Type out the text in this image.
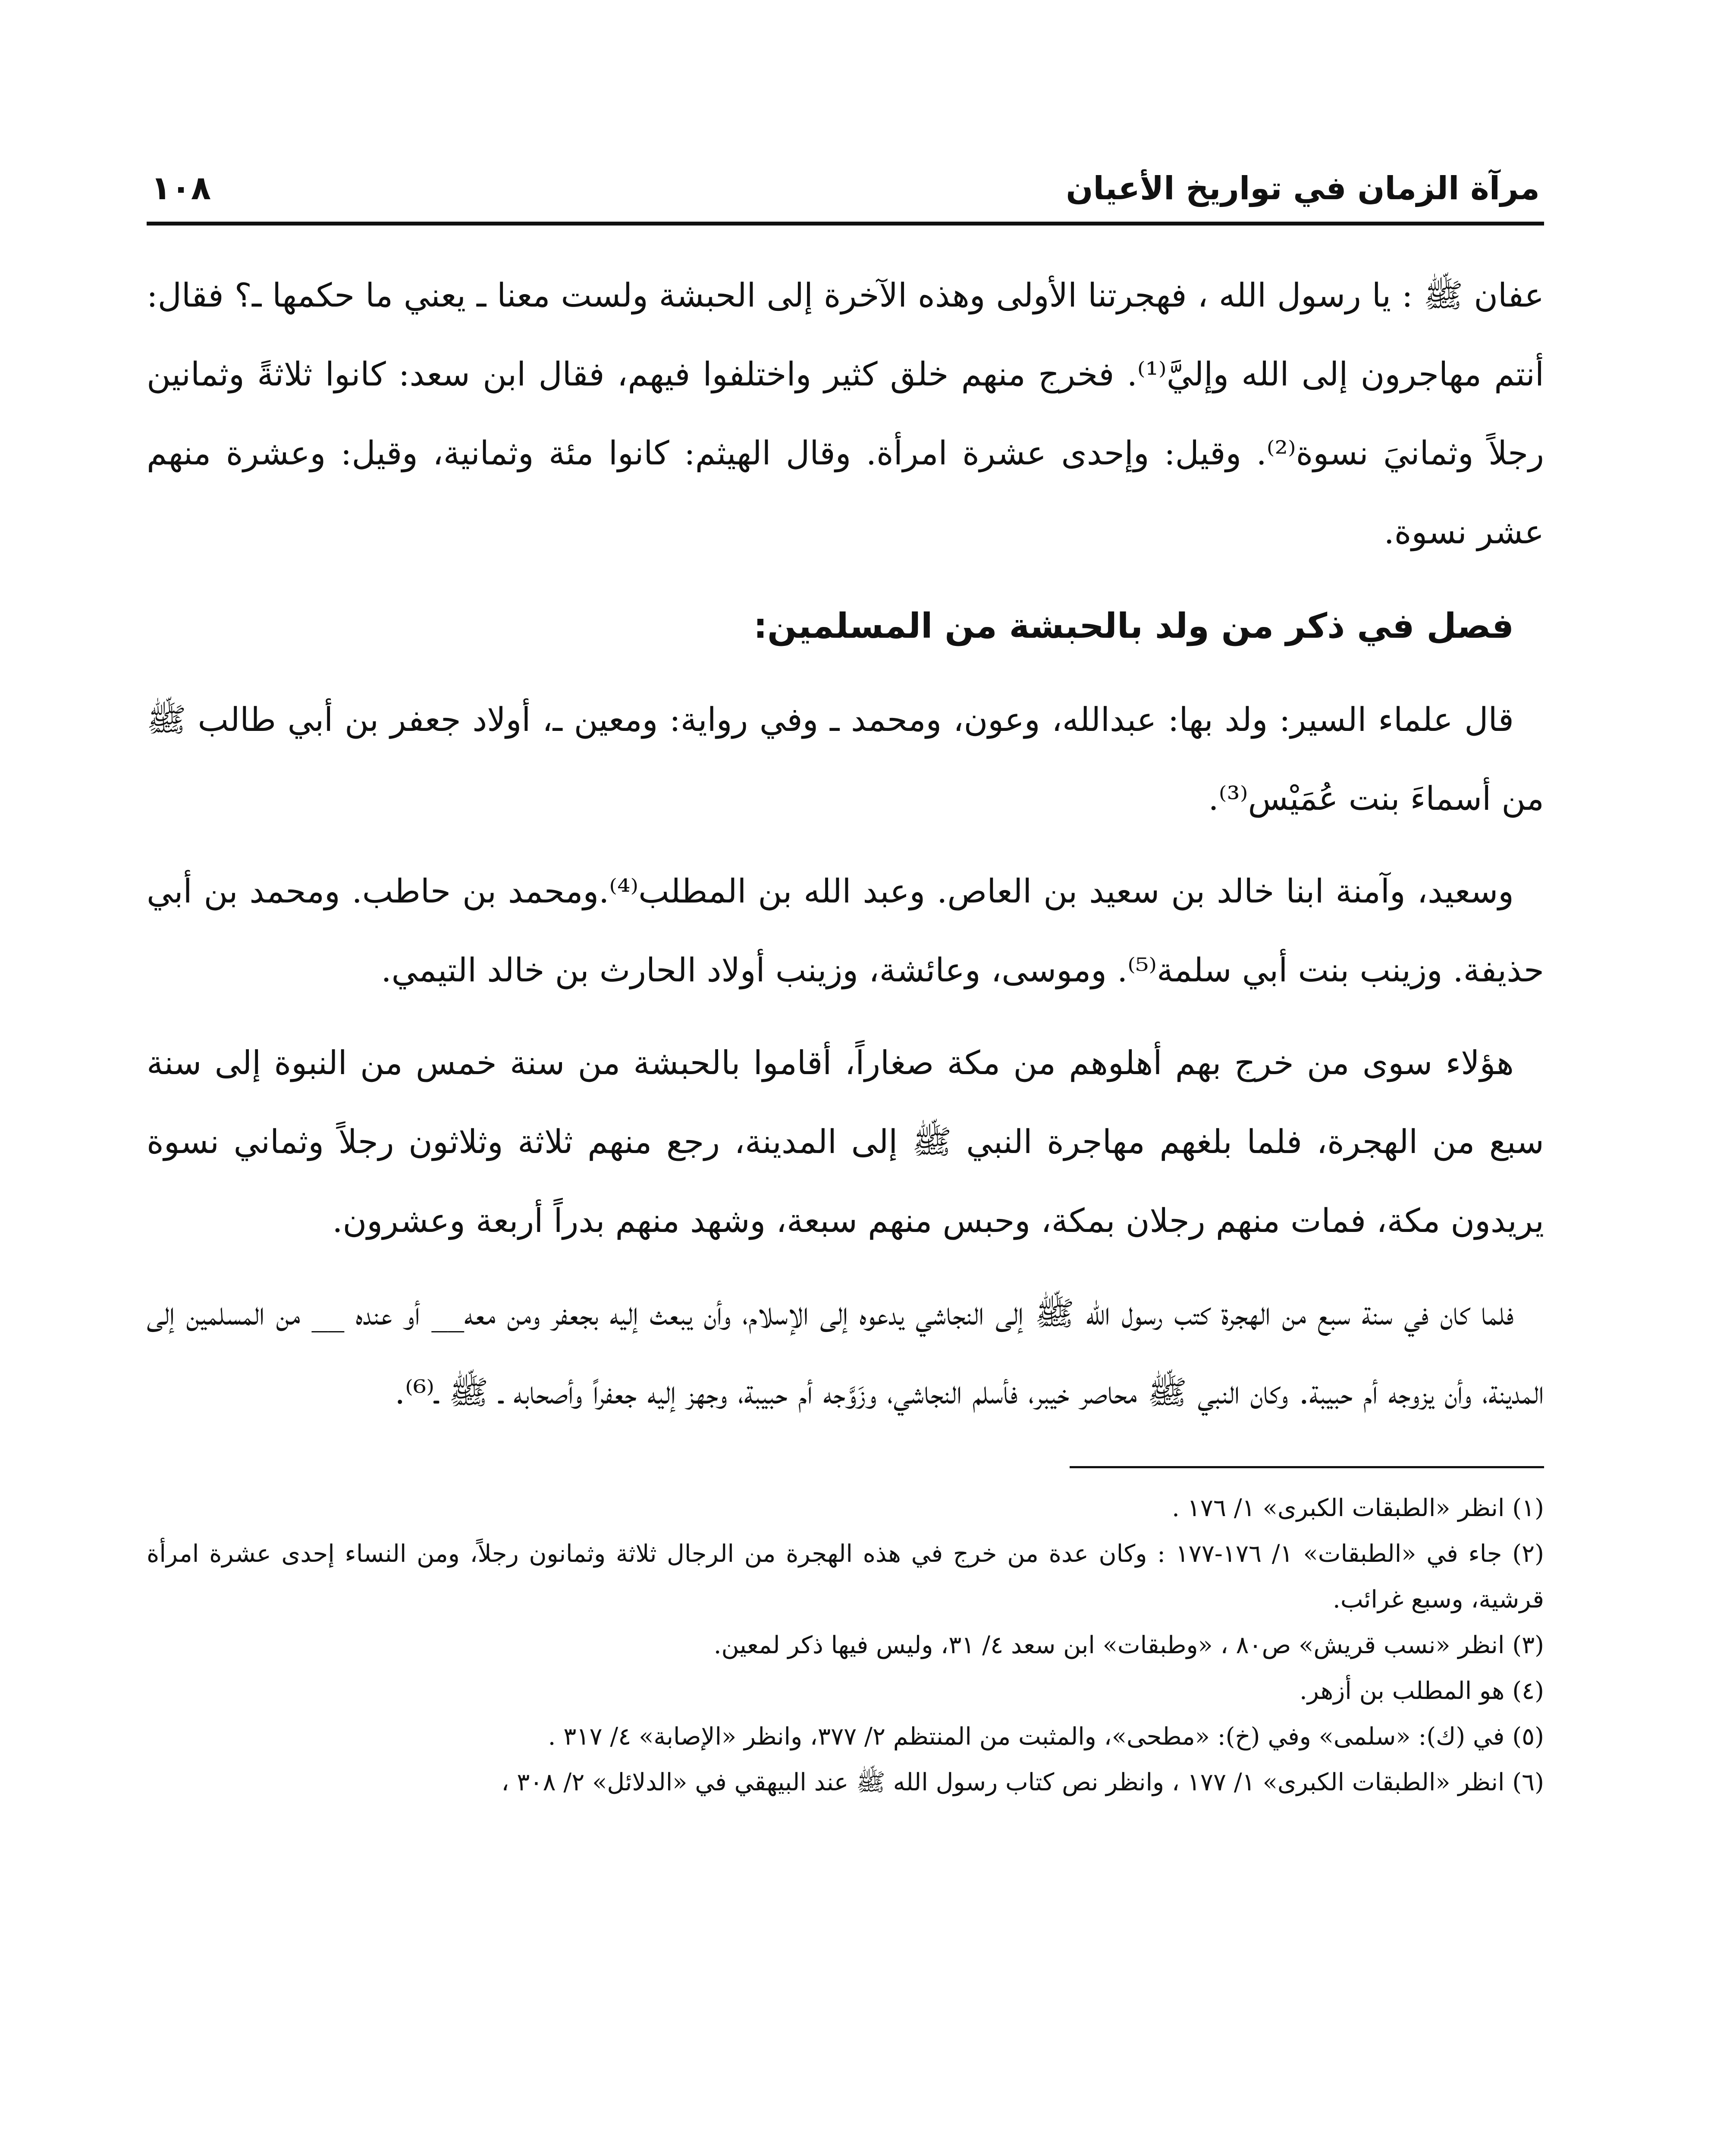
مرآة الزمان في تواريخ الأعيان
١٠٨

عفان ﷺ : يا رسول الله ، فهجرتنا الأولى وهذه الآخرة إلى الحبشة ولست معنا ـ يعني ما حكمها ـ؟ فقال: أنتم مهاجرون إلى الله وإليَّ⁽¹⁾. فخرج منهم خلق كثير واختلفوا فيهم، فقال ابن سعد: كانوا ثلاثةً وثمانين رجلاً وثمانيَ نسوة⁽²⁾. وقيل: وإحدى عشرة امرأة. وقال الهيثم: كانوا مئة وثمانية، وقيل: وعشرة منهم عشر نسوة.

فصل في ذكر من ولد بالحبشة من المسلمين:

قال علماء السير: ولد بها: عبدالله، وعون، ومحمد ـ وفي رواية: ومعين ـ، أولاد جعفر بن أبي طالب ﷺ من أسماءَ بنت عُمَيْس⁽³⁾.

وسعيد، وآمنة ابنا خالد بن سعيد بن العاص. وعبد الله بن المطلب⁽⁴⁾.ومحمد بن حاطب. ومحمد بن أبي حذيفة. وزينب بنت أبي سلمة⁽⁵⁾. وموسى، وعائشة، وزينب أولاد الحارث بن خالد التيمي.

هؤلاء سوى من خرج بهم أهلوهم من مكة صغاراً، أقاموا بالحبشة من سنة خمس من النبوة إلى سنة سبع من الهجرة، فلما بلغهم مهاجرة النبي ﷺ إلى المدينة، رجع منهم ثلاثة وثلاثون رجلاً وثماني نسوة يريدون مكة، فمات منهم رجلان بمكة، وحبس منهم سبعة، وشهد منهم بدراً أربعة وعشرون.

فلما كان في سنة سبع من الهجرة كتب رسول الله ﷺ إلى النجاشي يدعوه إلى الإسلام، وأن يبعث إليه بجعفر ومن معه__ أو عنده __ من المسلمين إلى المدينة، وأن يزوجه أم حبيبة. وكان النبي ﷺ محاصر خيبر، فأسلم النجاشي، وزَوَّجه أم حبيبة، وجهز إليه جعفراً وأصحابه ـ ﷺ ـ⁽⁶⁾.

(١) انظر «الطبقات الكبرى» ١/ ١٧٦ .

(٢) جاء في «الطبقات» ١/ ١٧٦-١٧٧ : وكان عدة من خرج في هذه الهجرة من الرجال ثلاثة وثمانون رجلاً، ومن النساء إحدى عشرة امرأة قرشية، وسبع غرائب.

(٣) انظر «نسب قريش» ص٨٠ ، «وطبقات» ابن سعد ٤/ ٣١، وليس فيها ذكر لمعين.

(٤) هو المطلب بن أزهر.

(٥) في (ك): «سلمى» وفي (خ): «مطحى»، والمثبت من المنتظم ٢/ ٣٧٧، وانظر «الإصابة» ٤/ ٣١٧ .

(٦) انظر «الطبقات الكبرى» ١/ ١٧٧ ، وانظر نص كتاب رسول الله ﷺ عند البيهقي في «الدلائل» ٢/ ٣٠٨ ،
